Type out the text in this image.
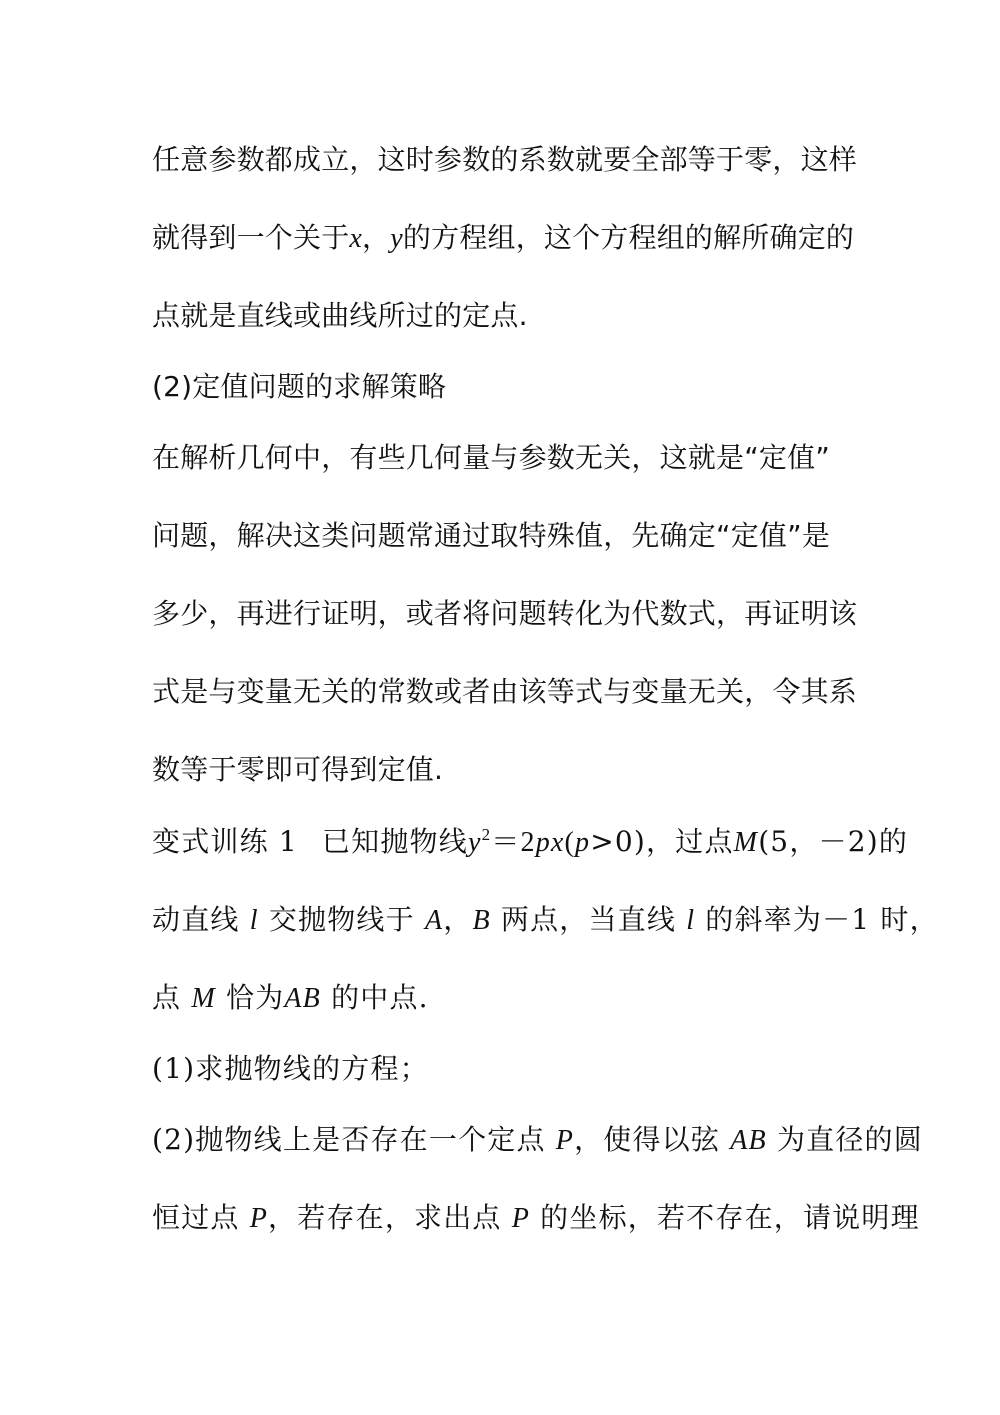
任意参数都成立，这时参数的系数就要全部等于零，这样
就得到一个关于x，y的方程组，这个方程组的解所确定的
点就是直线或曲线所过的定点.
(2)定值问题的求解策略
在解析几何中，有些几何量与参数无关，这就是“定值”
问题，解决这类问题常通过取特殊值，先确定“定值”是
多少，再进行证明，或者将问题转化为代数式，再证明该
式是与变量无关的常数或者由该等式与变量无关，令其系
数等于零即可得到定值.
变式训练 1 已知抛物线$y^2=2px(p>0)$，过点M(5，－2)的
动直线 l 交抛物线于 A，B 两点，当直线 l 的斜率为－1 时，
点 M 恰为AB 的中点.
(1)求抛物线的方程；
(2)抛物线上是否存在一个定点 P，使得以弦 AB 为直径的圆
恒过点 P，若存在，求出点 P 的坐标，若不存在，请说明理
